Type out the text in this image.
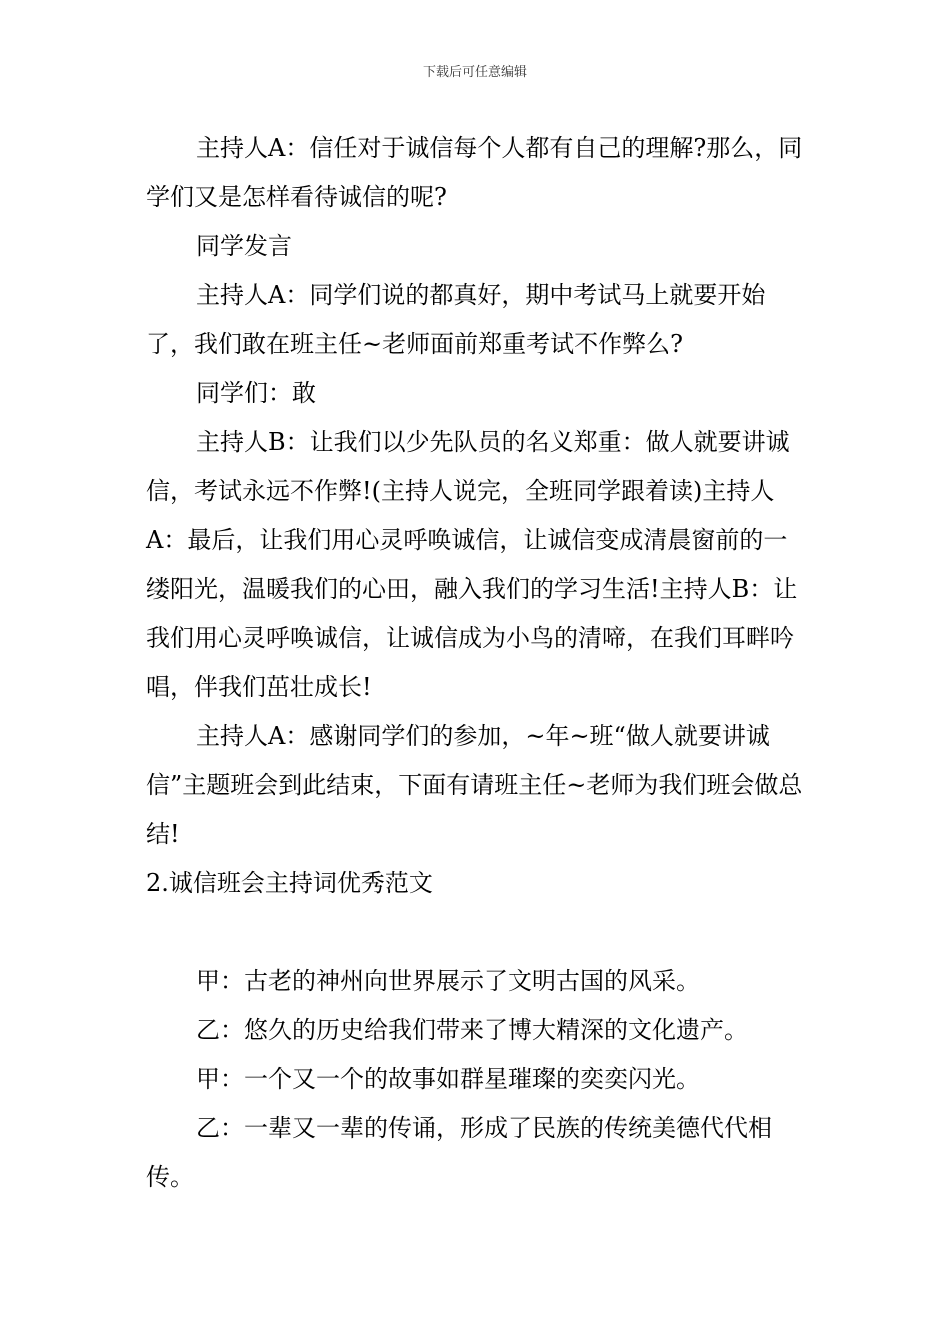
下载后可任意编辑

主持人A：信任对于诚信每个人都有自己的理解?那么，同学们又是怎样看待诚信的呢?

同学发言

主持人A：同学们说的都真好，期中考试马上就要开始了，我们敢在班主任~老师面前郑重考试不作弊么?

同学们：敢

主持人B：让我们以少先队员的名义郑重：做人就要讲诚信，考试永远不作弊!(主持人说完，全班同学跟着读)主持人A：最后，让我们用心灵呼唤诚信，让诚信变成清晨窗前的一缕阳光，温暖我们的心田，融入我们的学习生活!主持人B：让我们用心灵呼唤诚信，让诚信成为小鸟的清啼，在我们耳畔吟唱，伴我们茁壮成长!

主持人A：感谢同学们的参加，~年~班“做人就要讲诚信”主题班会到此结束，下面有请班主任~老师为我们班会做总结!

2.诚信班会主持词优秀范文

甲：古老的神州向世界展示了文明古国的风采。

乙：悠久的历史给我们带来了博大精深的文化遗产。

甲：一个又一个的故事如群星璀璨的奕奕闪光。

乙：一辈又一辈的传诵，形成了民族的传统美德代代相传。
